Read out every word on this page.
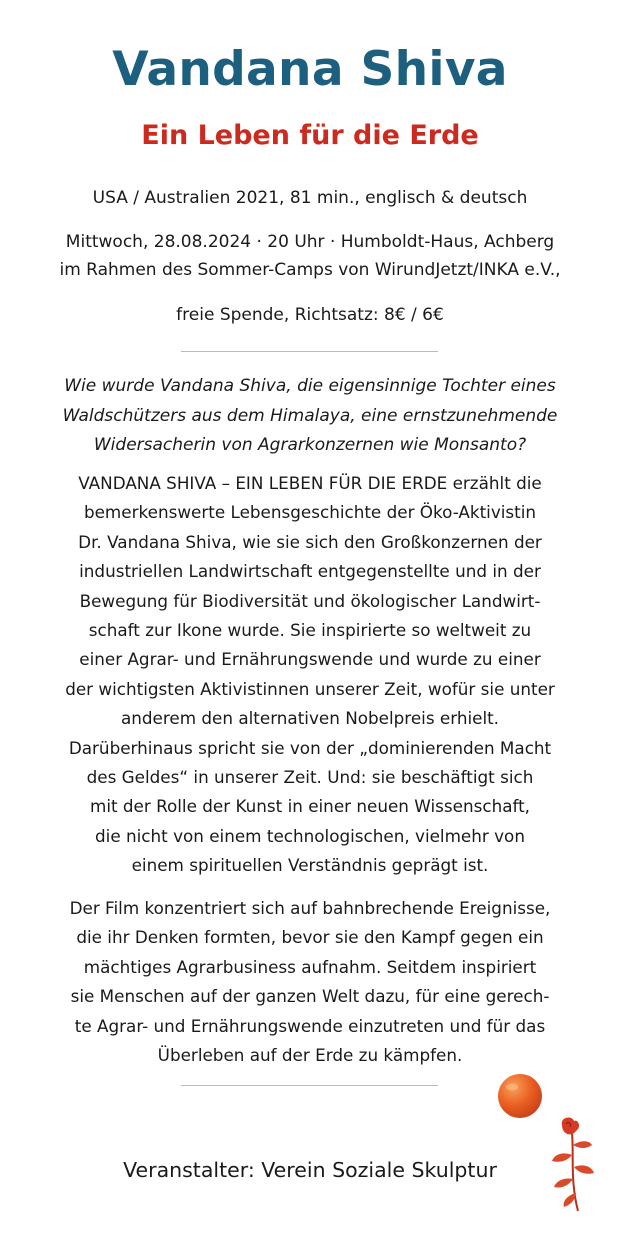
Vandana Shiva
Ein Leben für die Erde
USA / Australien 2021, 81 min., englisch & deutsch
Mittwoch, 28.08.2024 · 20 Uhr · Humboldt-Haus, Achberg
im Rahmen des Sommer-Camps von WirundJetzt/INKA e.V.,
freie Spende, Richtsatz: 8€ / 6€
Wie wurde Vandana Shiva, die eigensinnige Tochter eines
Waldschützers aus dem Himalaya, eine ernstzunehmende
Widersacherin von Agrarkonzernen wie Monsanto?
VANDANA SHIVA – EIN LEBEN FÜR DIE ERDE erzählt die
bemerkenswerte Lebensgeschichte der Öko-Aktivistin
Dr. Vandana Shiva, wie sie sich den Großkonzernen der
industriellen Landwirtschaft entgegenstellte und in der
Bewegung für Biodiversität und ökologischer Landwirt-
schaft zur Ikone wurde. Sie inspirierte so weltweit zu
einer Agrar- und Ernährungswende und wurde zu einer
der wichtigsten Aktivistinnen unserer Zeit, wofür sie unter
anderem den alternativen Nobelpreis erhielt.
Darüberhinaus spricht sie von der „dominierenden Macht
des Geldes“ in unserer Zeit. Und: sie beschäftigt sich
mit der Rolle der Kunst in einer neuen Wissenschaft,
die nicht von einem technologischen, vielmehr von
einem spirituellen Verständnis geprägt ist.
Der Film konzentriert sich auf bahnbrechende Ereignisse,
die ihr Denken formten, bevor sie den Kampf gegen ein
mächtiges Agrarbusiness aufnahm. Seitdem inspiriert
sie Menschen auf der ganzen Welt dazu, für eine gerech-
te Agrar- und Ernährungswende einzutreten und für das
Überleben auf der Erde zu kämpfen.
Veranstalter: Verein Soziale Skulptur
